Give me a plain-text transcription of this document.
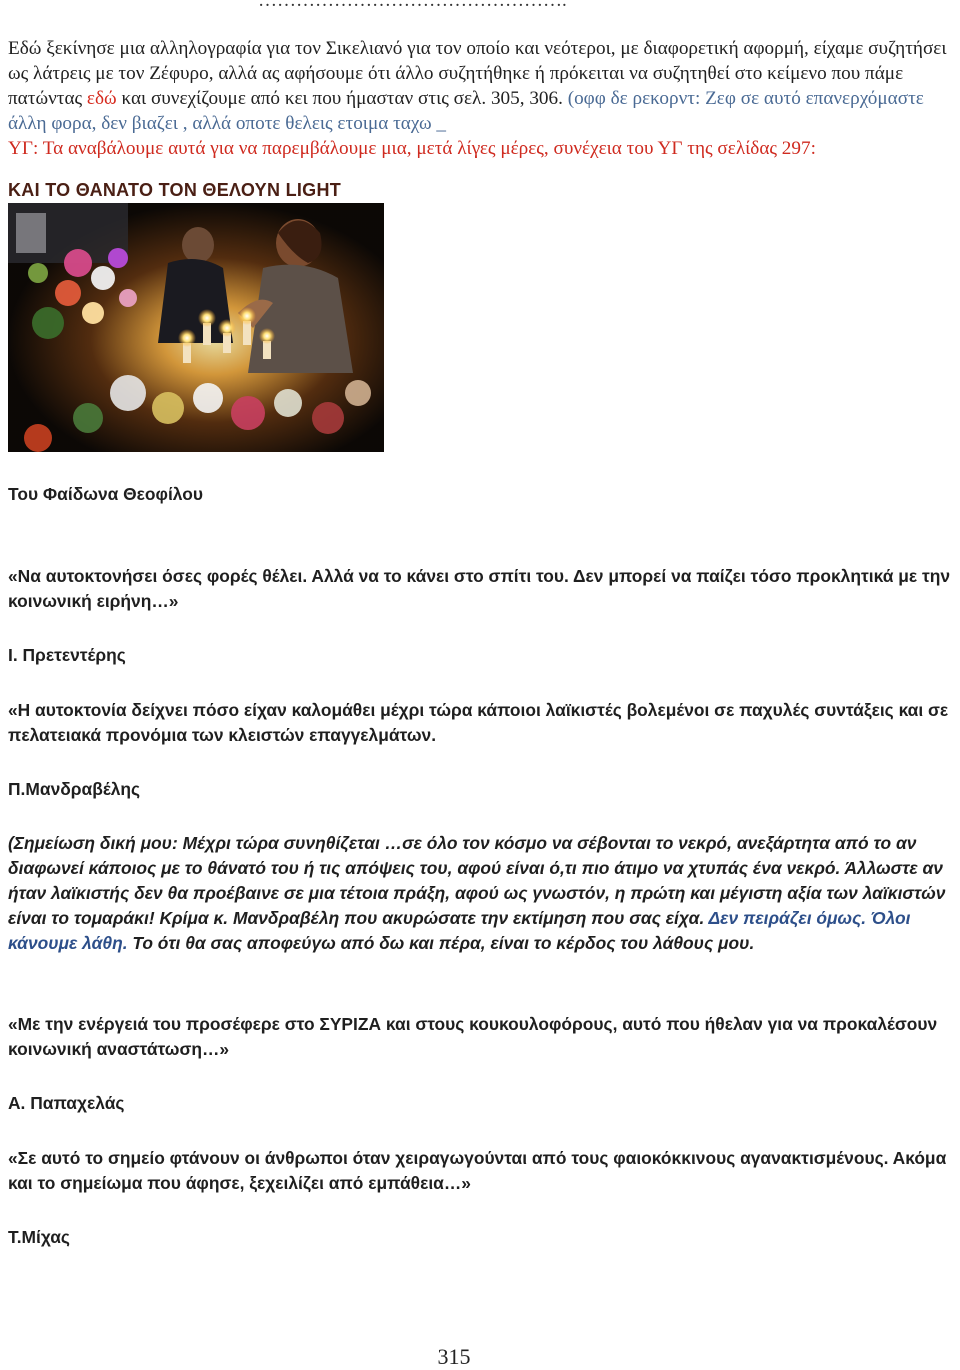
………………………………………….
Εδώ ξεκίνησε μια αλληλογραφία για τον Σικελιανό για τον οποίο και νεότεροι, με διαφορετική αφορμή, είχαμε συζητήσει ως λάτρεις με τον Ζέφυρο, αλλά ας αφήσουμε ότι άλλο συζητήθηκε ή πρόκειται να συζητηθεί στο κείμενο που πάμε πατώντας εδώ και συνεχίζουμε από κει που ήμασταν στις σελ. 305, 306. (οφφ δε ρεκορντ: Ζεφ σε αυτό επανερχόμαστε άλλη φορα, δεν βιαζει , αλλά οποτε θελεις ετοιμα ταχω _
ΥΓ: Τα αναβάλουμε αυτά για να παρεμβάλουμε μια, μετά λίγες μέρες, συνέχεια του ΥΓ της σελίδας 297:
ΚΑΙ ΤΟ ΘΑΝΑΤΟ ΤΟΝ ΘΕΛΟΥΝ LIGHT
Του Φαίδωνα Θεοφίλου
«Να αυτοκτονήσει όσες φορές θέλει. Αλλά να το κάνει στο σπίτι του. Δεν μπορεί να παίζει τόσο προκλητικά με την κοινωνική ειρήνη…»
Ι. Πρετεντέρης
«Η αυτοκτονία δείχνει πόσο είχαν καλομάθει μέχρι τώρα κάποιοι λαϊκιστές βολεμένοι σε παχυλές συντάξεις και σε πελατειακά προνόμια των κλειστών επαγγελμάτων.
Π.Μανδραβέλης
(Σημείωση δική μου: Μέχρι τώρα συνηθίζεται …σε όλο τον κόσμο να σέβονται το νεκρό, ανεξάρτητα από το αν διαφωνεί κάποιος με το θάνατό του ή τις απόψεις του, αφού είναι ό,τι πιο άτιμο να χτυπάς ένα νεκρό. Άλλωστε αν ήταν λαϊκιστής δεν θα προέβαινε σε μια τέτοια πράξη, αφού ως γνωστόν, η πρώτη και μέγιστη αξία των λαϊκιστών είναι το τομαράκι! Κρίμα κ. Μανδραβέλη που ακυρώσατε την εκτίμηση που σας είχα. Δεν πειράζει όμως. Όλοι κάνουμε λάθη. Το ότι θα σας αποφεύγω από δω και πέρα, είναι το κέρδος του λάθους μου.
«Με την ενέργειά του προσέφερε στο ΣΥΡΙΖΑ και στους κουκουλοφόρους, αυτό που ήθελαν για να προκαλέσουν κοινωνική αναστάτωση…»
Α. Παπαχελάς
«Σε αυτό το σημείο φτάνουν οι άνθρωποι όταν χειραγωγούνται από τους φαιοκόκκινους αγανακτισμένους. Ακόμα και το σημείωμα που άφησε, ξεχειλίζει από εμπάθεια…»
Τ.Μίχας
315
